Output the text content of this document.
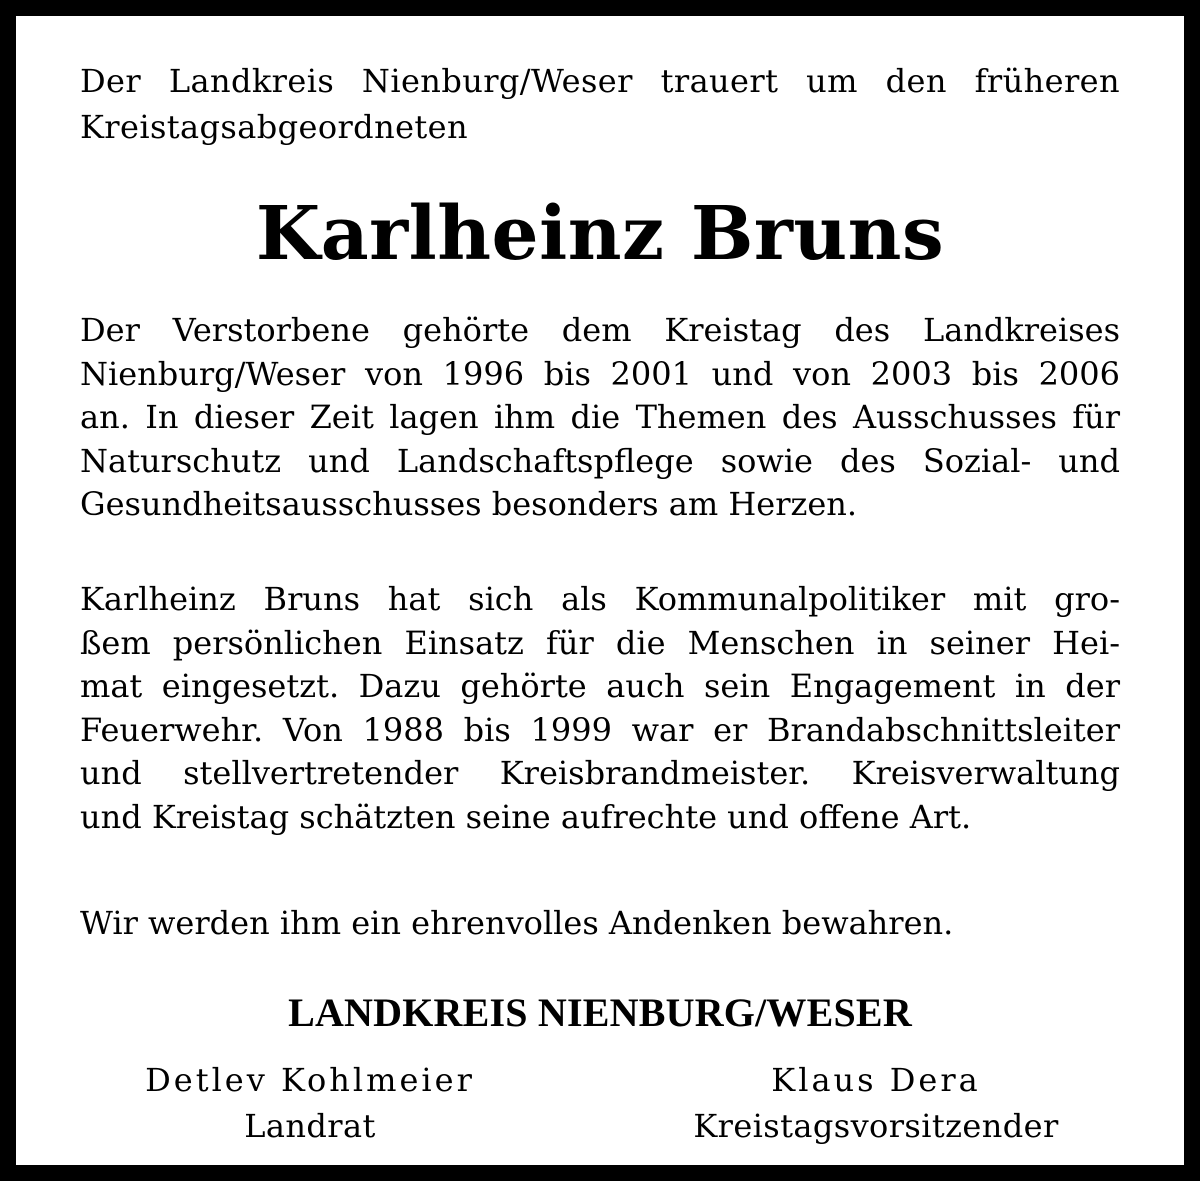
Der Landkreis Nienburg/Weser trauert um den früheren
Kreistagsabgeordneten
Karlheinz Bruns
Der Verstorbene gehörte dem Kreistag des Landkreises
Nienburg/Weser von 1996 bis 2001 und von 2003 bis 2006
an. In dieser Zeit lagen ihm die Themen des Ausschusses für
Naturschutz und Landschaftspflege sowie des Sozial- und
Gesundheitsausschusses besonders am Herzen.
Karlheinz Bruns hat sich als Kommunalpolitiker mit gro-
ßem persönlichen Einsatz für die Menschen in seiner Hei-
mat eingesetzt. Dazu gehörte auch sein Engagement in der
Feuerwehr. Von 1988 bis 1999 war er Brandabschnittsleiter
und stellvertretender Kreisbrandmeister. Kreisverwaltung
und Kreistag schätzten seine aufrechte und offene Art.
Wir werden ihm ein ehrenvolles Andenken bewahren.
LANDKREIS NIENBURG/WESER
Detlev Kohlmeier
Landrat
Klaus Dera
Kreistagsvorsitzender
